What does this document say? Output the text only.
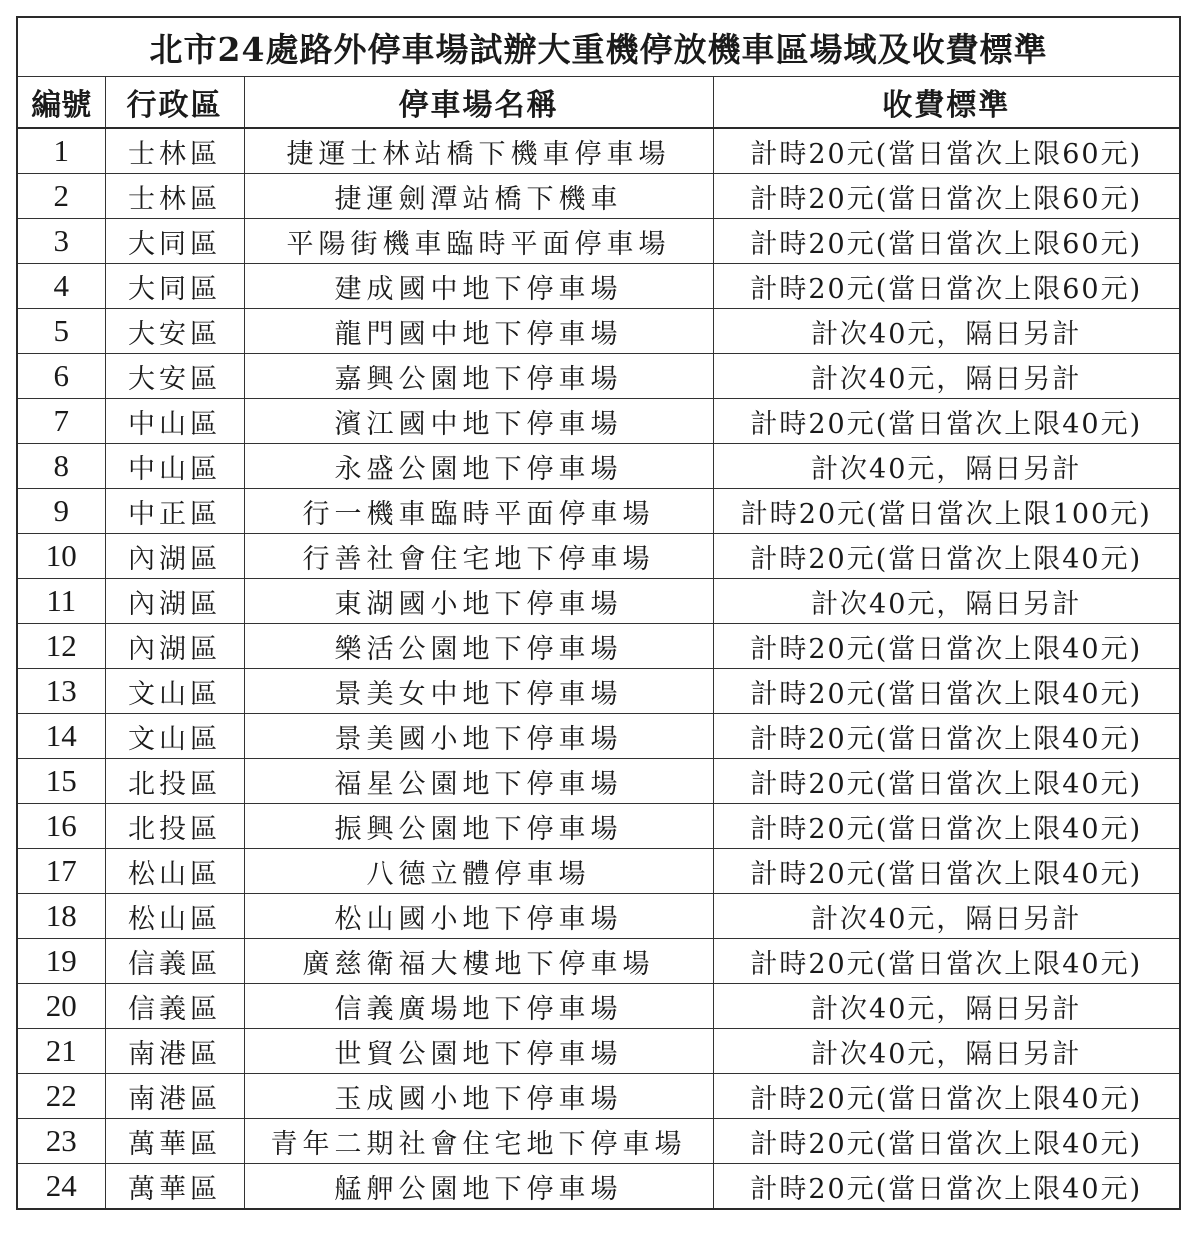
北市24處路外停車場試辦大重機停放機車區場域及收費標準			
編號	行政區	停車場名稱	收費標準
1	士林區	捷運士林站橋下機車停車場	計時20元(當日當次上限60元)
2	士林區	捷運劍潭站橋下機車	計時20元(當日當次上限60元)
3	大同區	平陽街機車臨時平面停車場	計時20元(當日當次上限60元)
4	大同區	建成國中地下停車場	計時20元(當日當次上限60元)
5	大安區	龍門國中地下停車場	計次40元，隔日另計
6	大安區	嘉興公園地下停車場	計次40元，隔日另計
7	中山區	濱江國中地下停車場	計時20元(當日當次上限40元)
8	中山區	永盛公園地下停車場	計次40元，隔日另計
9	中正區	行一機車臨時平面停車場	計時20元(當日當次上限100元)
10	內湖區	行善社會住宅地下停車場	計時20元(當日當次上限40元)
11	內湖區	東湖國小地下停車場	計次40元，隔日另計
12	內湖區	樂活公園地下停車場	計時20元(當日當次上限40元)
13	文山區	景美女中地下停車場	計時20元(當日當次上限40元)
14	文山區	景美國小地下停車場	計時20元(當日當次上限40元)
15	北投區	福星公園地下停車場	計時20元(當日當次上限40元)
16	北投區	振興公園地下停車場	計時20元(當日當次上限40元)
17	松山區	八德立體停車場	計時20元(當日當次上限40元)
18	松山區	松山國小地下停車場	計次40元，隔日另計
19	信義區	廣慈衛福大樓地下停車場	計時20元(當日當次上限40元)
20	信義區	信義廣場地下停車場	計次40元，隔日另計
21	南港區	世貿公園地下停車場	計次40元，隔日另計
22	南港區	玉成國小地下停車場	計時20元(當日當次上限40元)
23	萬華區	青年二期社會住宅地下停車場	計時20元(當日當次上限40元)
24	萬華區	艋舺公園地下停車場	計時20元(當日當次上限40元)
